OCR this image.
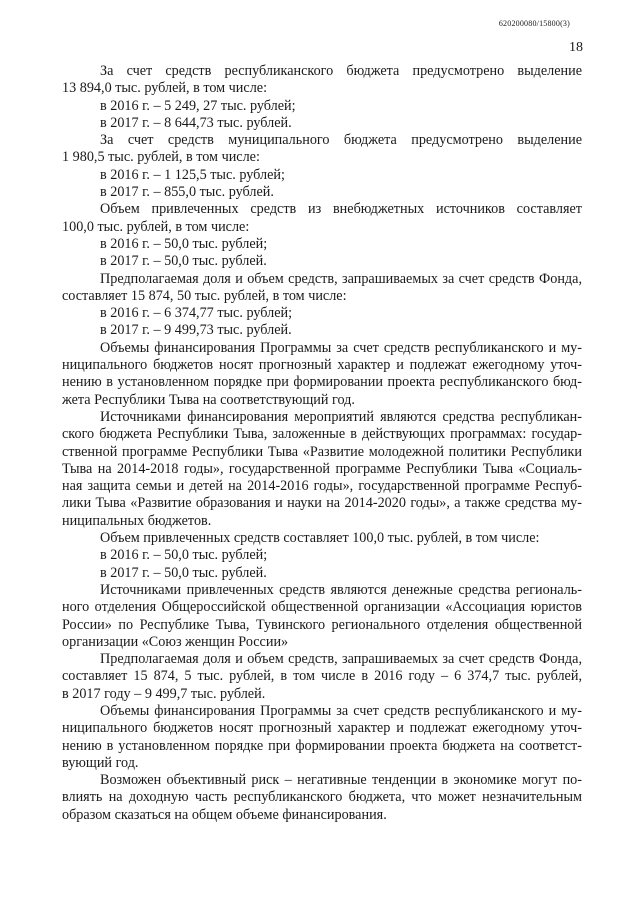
620200080/15800(3)
18

За счет средств республиканского бюджета предусмотрено выделение

13 894,0 тыс. рублей, в том числе:

в 2016 г. – 5 249, 27 тыс. рублей;

в 2017 г. – 8 644,73 тыс. рублей.

За счет средств муниципального бюджета предусмотрено выделение

1 980,5 тыс. рублей, в том числе:

в 2016 г. – 1 125,5 тыс. рублей;

в 2017 г. – 855,0 тыс. рублей.

Объем привлеченных средств из внебюджетных источников составляет

100,0 тыс. рублей, в том числе:

в 2016 г. – 50,0 тыс. рублей;

в 2017 г. – 50,0 тыс. рублей.

Предполагаемая доля и объем средств, запрашиваемых за счет средств Фонда,

составляет 15 874, 50 тыс. рублей, в том числе:

в 2016 г. – 6 374,77 тыс. рублей;

в 2017 г. – 9 499,73 тыс. рублей.

Объемы финансирования Программы за счет средств республиканского и му-

ниципального бюджетов носят прогнозный характер и подлежат ежегодному уточ-

нению в установленном порядке при формировании проекта республиканского бюд-

жета Республики Тыва на соответствующий год.

Источниками финансирования мероприятий являются средства республикан-

ского бюджета Республики Тыва, заложенные в действующих программах: государ-

ственной программе Республики Тыва «Развитие молодежной политики Республики

Тыва на 2014-2018 годы», государственной программе Республики Тыва «Социаль-

ная защита семьи и детей на 2014-2016 годы», государственной программе Респуб-

лики Тыва «Развитие образования и науки на 2014-2020 годы», а также средства му-

ниципальных бюджетов.

Объем привлеченных средств составляет 100,0 тыс. рублей, в том числе:

в 2016 г. – 50,0 тыс. рублей;

в 2017 г. – 50,0 тыс. рублей.

Источниками привлеченных средств являются денежные средства региональ-

ного отделения Общероссийской общественной организации «Ассоциация юристов

России» по Республике Тыва, Тувинского регионального отделения общественной

организации «Союз женщин России»

Предполагаемая доля и объем средств, запрашиваемых за счет средств Фонда,

составляет 15 874, 5 тыс. рублей, в том числе в 2016 году – 6 374,7 тыс. рублей,

в 2017 году – 9 499,7 тыс. рублей.

Объемы финансирования Программы за счет средств республиканского и му-

ниципального бюджетов носят прогнозный характер и подлежат ежегодному уточ-

нению в установленном порядке при формировании проекта бюджета на соответст-

вующий год.

Возможен объективный риск – негативные тенденции в экономике могут по-

влиять на доходную часть республиканского бюджета, что может незначительным

образом сказаться на общем объеме финансирования.
